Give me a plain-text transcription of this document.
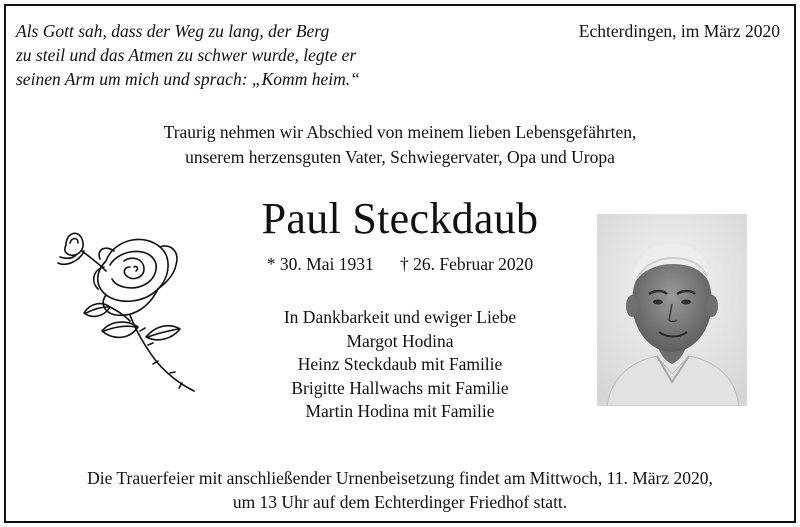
Als Gott sah, dass der Weg zu lang, der Berg
zu steil und das Atmen zu schwer wurde, legte er
seinen Arm um mich und sprach: „Komm heim.“
Echterdingen, im März 2020
Traurig nehmen wir Abschied von meinem lieben Lebensgefährten,
unserem herzensguten Vater, Schwiegervater, Opa und Uropa
Paul Steckdaub
* 30. Mai 1931 † 26. Februar 2020
In Dankbarkeit und ewiger Liebe
Margot Hodina
Heinz Steckdaub mit Familie
Brigitte Hallwachs mit Familie
Martin Hodina mit Familie
Die Trauerfeier mit anschließender Urnenbeisetzung findet am Mittwoch, 11. März 2020,
um 13 Uhr auf dem Echterdinger Friedhof statt.
